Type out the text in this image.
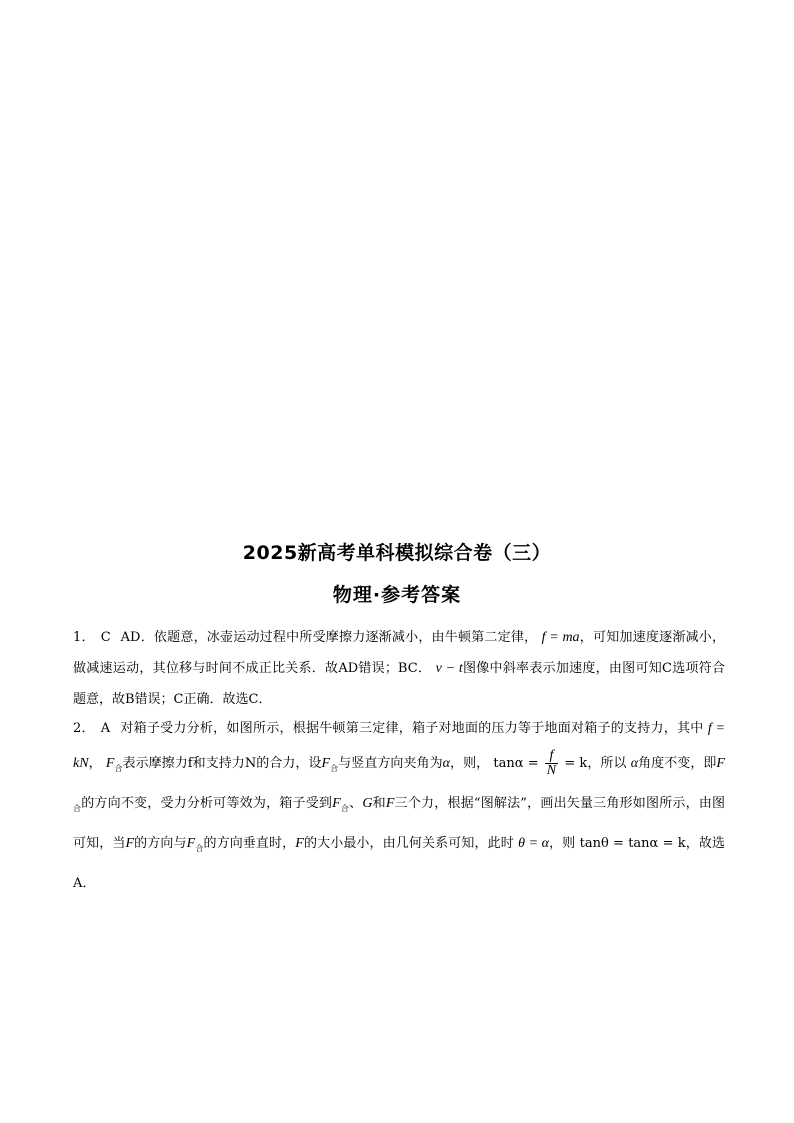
2025新高考单科模拟综合卷（三）
物理·参考答案

1． C AD．依题意，冰壶运动过程中所受摩擦力逐渐减小，由牛顿第二定律， f = ma，可知加速度逐渐减小，做减速运动，其位移与时间不成正比关系．故AD错误；BC． v − t图像中斜率表示加速度，由图可知C选项符合题意，故B错误；C正确．故选C．

2． A 对箱子受力分析，如图所示，根据牛顿第三定律，箱子对地面的压力等于地面对箱子的支持力，其中 f = kN， $F_合$表示摩擦力f和支持力N的合力，设$F_合$与竖直方向夹角为α，则， $\tan\alpha = \frac{f}{N} = k$，所以 α角度不变，即$F_合$的方向不变，受力分析可等效为，箱子受到$F_合$、G和F三个力，根据“图解法”，画出矢量三角形如图所示，由图可知，当F的方向与$F_合$的方向垂直时，F的大小最小，由几何关系可知，此时 θ = α，则 tanθ = tanα = k，故选A．
